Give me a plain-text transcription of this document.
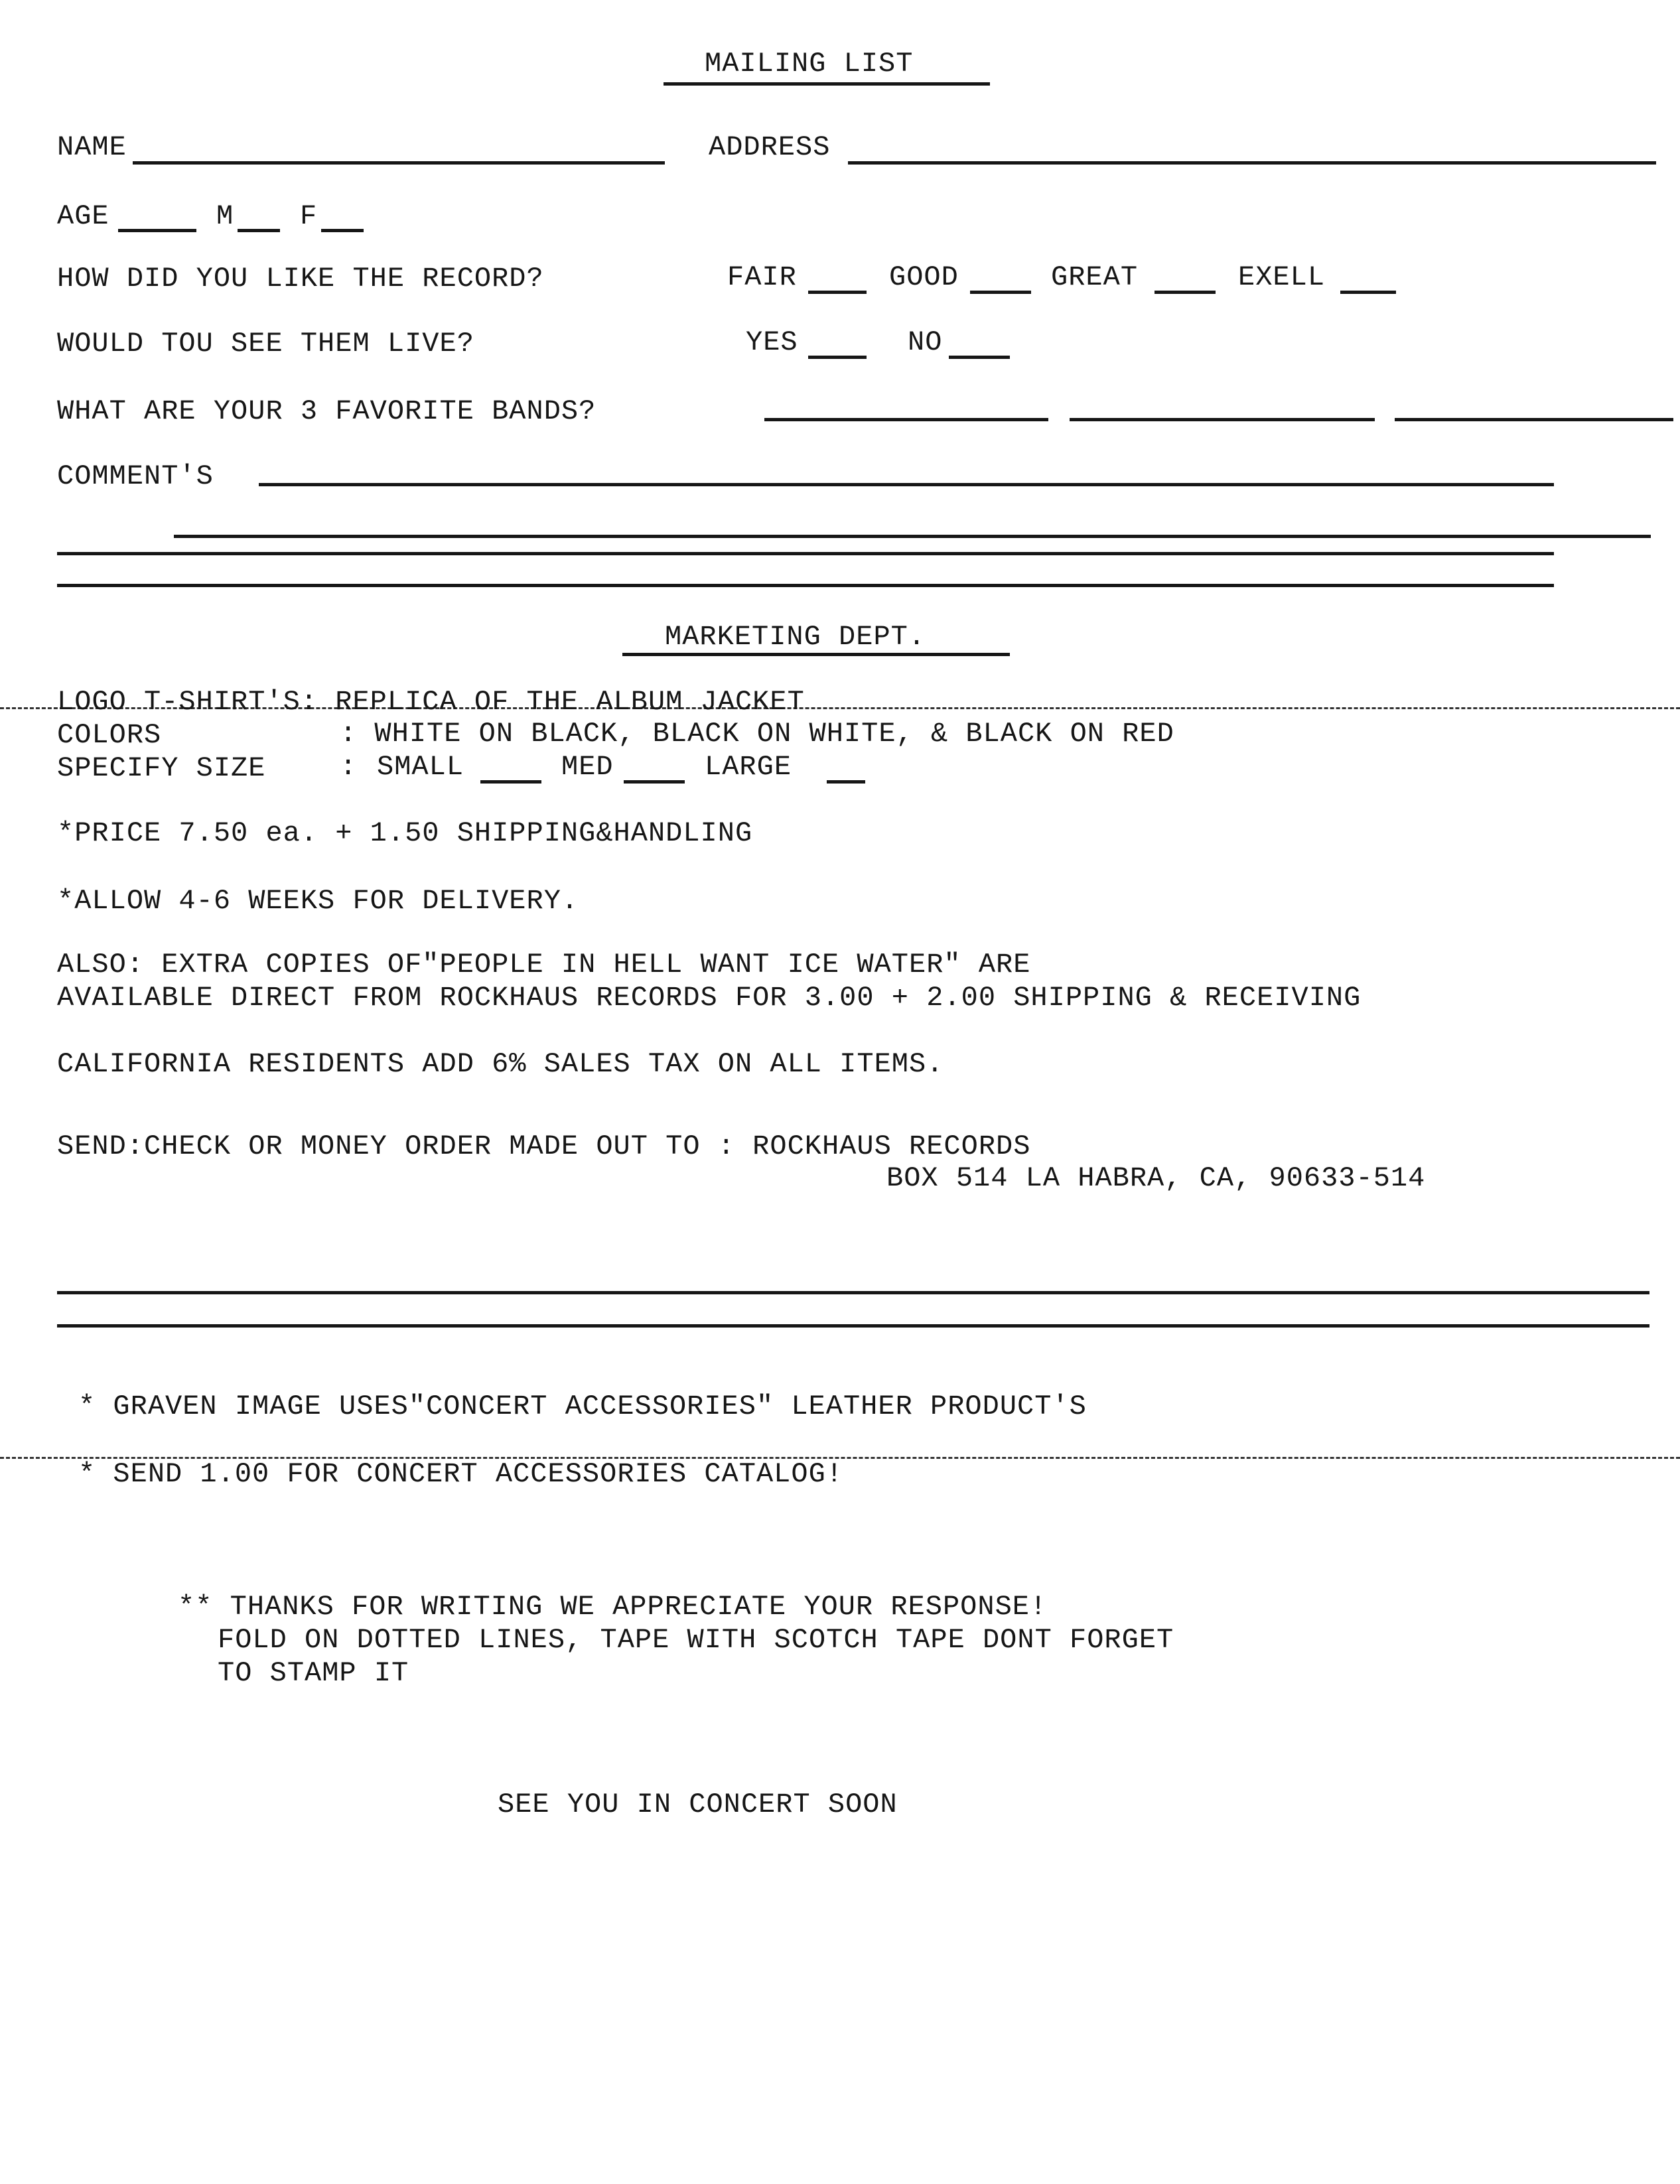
MAILING LIST
NAME	ADDRESS
AGE	M F
HOW DID YOU LIKE THE RECORD?	FAIR	GOOD	GREAT	EXELL
WOULD TOU SEE THEM LIVE?	YES	NO
WHAT ARE YOUR 3 FAVORITE BANDS?
COMMENT'S
MARKETING DEPT.
LOGO T-SHIRT'S: REPLICA OF THE ALBUM JACKET
COLORS	: WHITE ON BLACK, BLACK ON WHITE, & BLACK ON RED
SPECIFY SIZE	: SMALL	MED	LARGE
*PRICE 7.50 ea. + 1.50 SHIPPING&HANDLING
*ALLOW 4-6 WEEKS FOR DELIVERY.
ALSO: EXTRA COPIES OF"PEOPLE IN HELL WANT ICE WATER" ARE
AVAILABLE DIRECT FROM ROCKHAUS RECORDS FOR 3.00 + 2.00 SHIPPING & RECEIVING
CALIFORNIA RESIDENTS ADD 6% SALES TAX ON ALL ITEMS.
SEND:CHECK OR MONEY ORDER MADE OUT TO : ROCKHAUS RECORDS
BOX 514 LA HABRA, CA, 90633-514
* GRAVEN IMAGE USES"CONCERT ACCESSORIES" LEATHER PRODUCT'S
* SEND 1.00 FOR CONCERT ACCESSORIES CATALOG!
** THANKS FOR WRITING WE APPRECIATE YOUR RESPONSE!
FOLD ON DOTTED LINES, TAPE WITH SCOTCH TAPE DONT FORGET
TO STAMP IT
SEE YOU IN CONCERT SOON
